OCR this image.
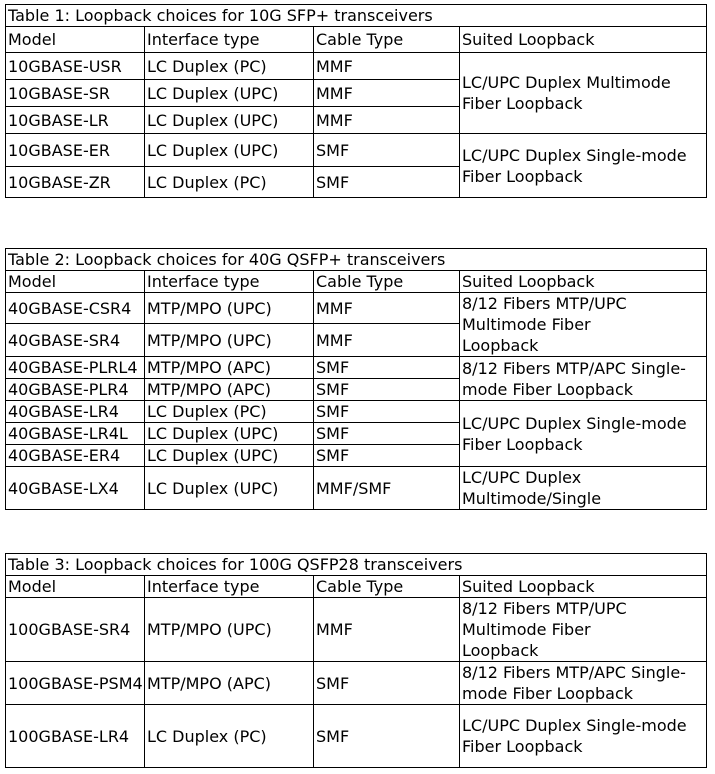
Table 1: Loopback choices for 10G SFP+ transceivers			
Model	Interface type	Cable Type	Suited Loopback
10GBASE-USR	LC Duplex (PC)	MMF	LC/UPC Duplex Multimode Fiber Loopback
10GBASE-SR	LC Duplex (UPC)	MMF	
10GBASE-LR	LC Duplex (UPC)	MMF	
10GBASE-ER	LC Duplex (UPC)	SMF	LC/UPC Duplex Single-mode Fiber Loopback

10GBASE-ZR	LC Duplex (PC)	SMF	
Table 2: Loopback choices for 40G QSFP+ transceivers			
Model	Interface type	Cable Type	Suited Loopback
40GBASE-CSR4	MTP/MPO (UPC)	MMF	8/12 Fibers MTP/UPC Multimode Fiber Loopback

40GBASE-SR4	MTP/MPO (UPC)	MMF	
40GBASE-PLRL4	MTP/MPO (APC)	SMF	8/12 Fibers MTP/APC Single-mode Fiber Loopback
40GBASE-PLR4	MTP/MPO (APC)	SMF	
40GBASE-LR4	LC Duplex (PC)	SMF	LC/UPC Duplex Single-mode Fiber Loopback

40GBASE-LR4L	LC Duplex (UPC)	SMF	
40GBASE-ER4	LC Duplex (UPC)	SMF	
40GBASE-LX4	LC Duplex (UPC)	MMF/SMF	LC/UPC Duplex Multimode/Single
Table 3: Loopback choices for 100G QSFP28 transceivers			
Model	Interface type	Cable Type	Suited Loopback
100GBASE-SR4	MTP/MPO (UPC)	MMF	8/12 Fibers MTP/UPC Multimode Fiber Loopback

100GBASE-PSM4	MTP/MPO (APC)	SMF	8/12 Fibers MTP/APC Single-mode Fiber Loopback
100GBASE-LR4	LC Duplex (PC)	SMF	LC/UPC Duplex Single-mode Fiber Loopback
